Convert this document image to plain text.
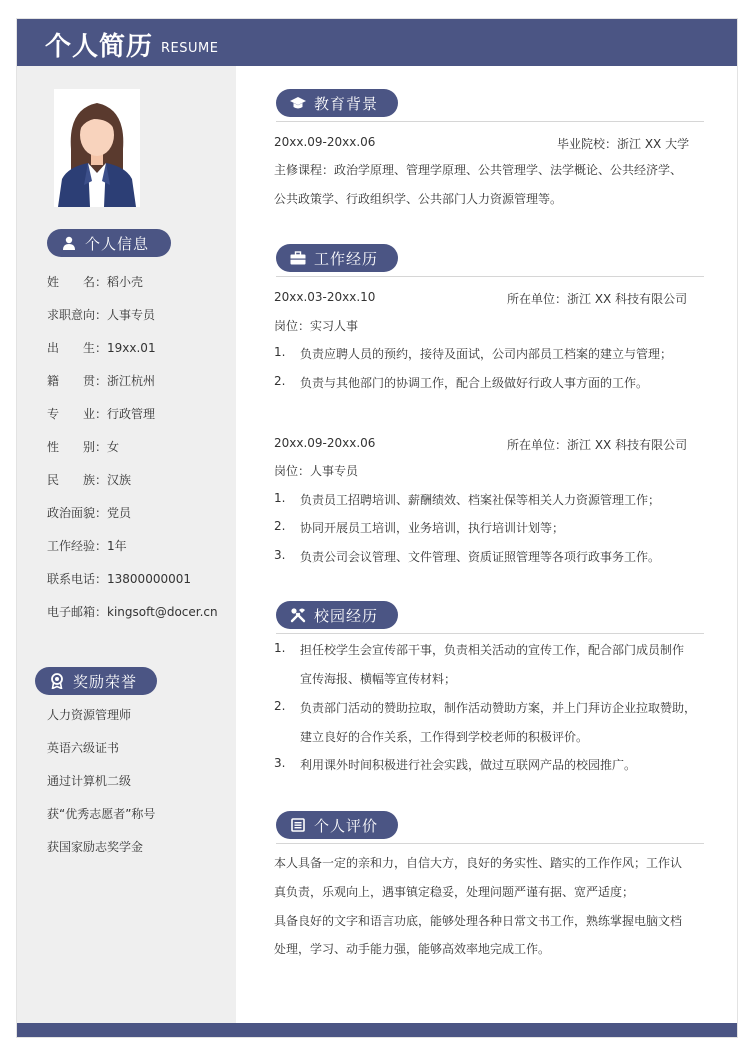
个人简历 RESUME
个人信息
姓　　名：稻小壳
求职意向：人事专员
出　　生：19xx.01
籍　　贯：浙江杭州
专　　业：行政管理
性　　别：女
民　　族：汉族
政治面貌：党员
工作经验：1年
联系电话：13800000001
电子邮箱：kingsoft@docer.cn
奖励荣誉
人力资源管理师
英语六级证书
通过计算机二级
获“优秀志愿者”称号
获国家励志奖学金
教育背景
20xx.09-20xx.06	毕业院校：浙江 XX 大学
主修课程：政治学原理、管理学原理、公共管理学、法学概论、公共经济学、
公共政策学、行政组织学、公共部门人力资源管理等。
工作经历
20xx.03-20xx.10	所在单位：浙江 XX 科技有限公司
岗位：实习人事
1. 负责应聘人员的预约，接待及面试，公司内部员工档案的建立与管理；
2. 负责与其他部门的协调工作，配合上级做好行政人事方面的工作。
20xx.09-20xx.06	所在单位：浙江 XX 科技有限公司
岗位：人事专员
1. 负责员工招聘培训、薪酬绩效、档案社保等相关人力资源管理工作；
2. 协同开展员工培训，业务培训，执行培训计划等；
3. 负责公司会议管理、文件管理、资质证照管理等各项行政事务工作。
校园经历
1. 担任校学生会宣传部干事，负责相关活动的宣传工作，配合部门成员制作
宣传海报、横幅等宣传材料；
2. 负责部门活动的赞助拉取，制作活动赞助方案，并上门拜访企业拉取赞助，
建立良好的合作关系，工作得到学校老师的积极评价。
3. 利用课外时间积极进行社会实践，做过互联网产品的校园推广。
个人评价
本人具备一定的亲和力，自信大方，良好的务实性、踏实的工作作风；工作认
真负责，乐观向上，遇事镇定稳妥，处理问题严谨有据、宽严适度；
具备良好的文字和语言功底，能够处理各种日常文书工作，熟练掌握电脑文档
处理，学习、动手能力强，能够高效率地完成工作。
